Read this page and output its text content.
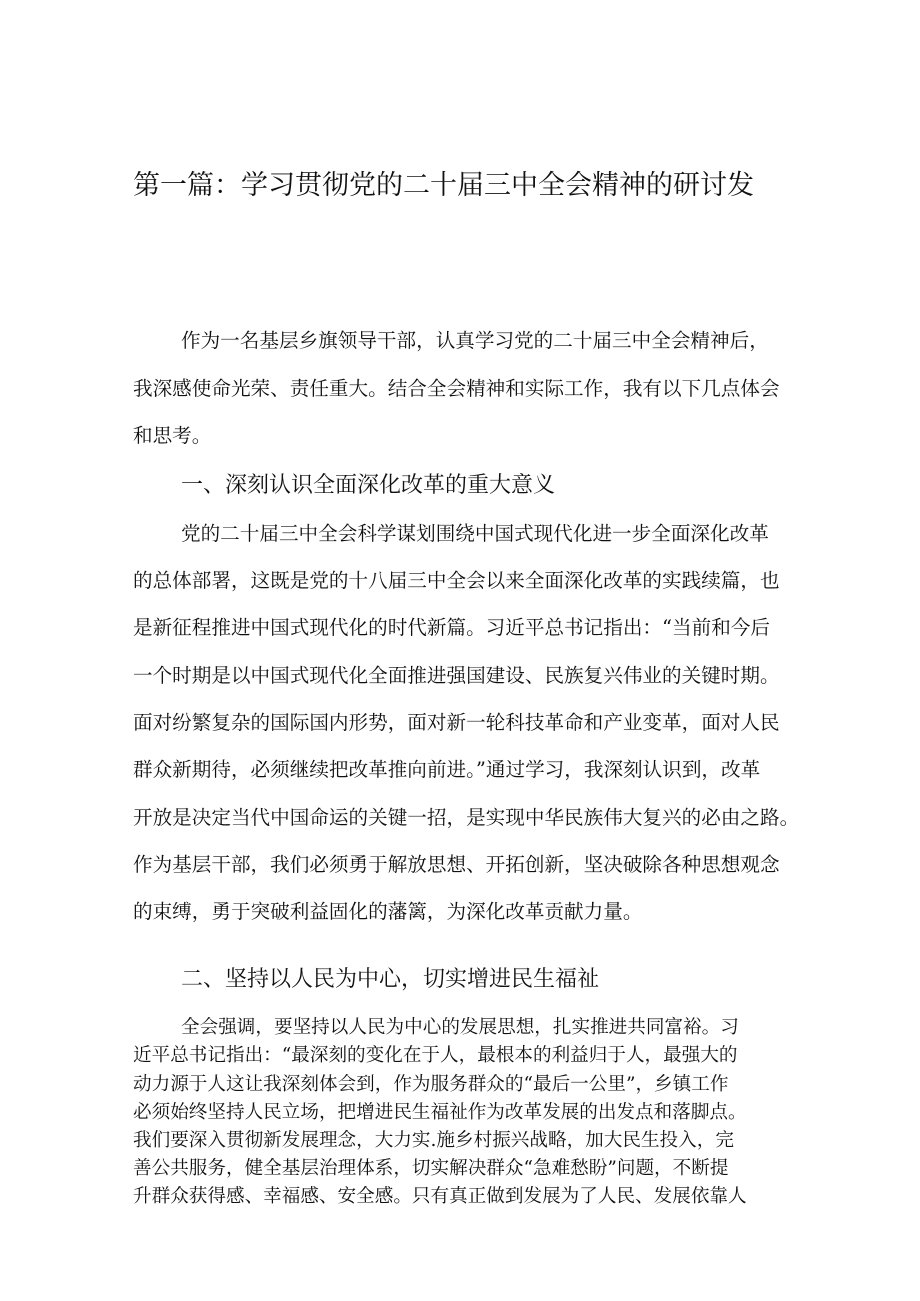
第一篇：学习贯彻党的二十届三中全会精神的研讨发
作为一名基层乡旗领导干部，认真学习党的二十届三中全会精神后，
我深感使命光荣、责任重大。结合全会精神和实际工作，我有以下几点体会
和思考。
一、深刻认识全面深化改革的重大意义
党的二十届三中全会科学谋划围绕中国式现代化进一步全面深化改革
的总体部署，这既是党的十八届三中全会以来全面深化改革的实践续篇，也
是新征程推进中国式现代化的时代新篇。习近平总书记指出：“当前和今后
一个时期是以中国式现代化全面推进强国建设、民族复兴伟业的关键时期。
面对纷繁复杂的国际国内形势，面对新一轮科技革命和产业变革，面对人民
群众新期待，必须继续把改革推向前进。”通过学习，我深刻认识到，改革
开放是决定当代中国命运的关键一招，是实现中华民族伟大复兴的必由之路。
作为基层干部，我们必须勇于解放思想、开拓创新，坚决破除各种思想观念
的束缚，勇于突破利益固化的藩篱，为深化改革贡献力量。
二、坚持以人民为中心，切实增进民生福祉
全会强调，要坚持以人民为中心的发展思想，扎实推进共同富裕。习
近平总书记指出：“最深刻的变化在于人，最根本的利益归于人，最强大的
动力源于人这让我深刻体会到，作为服务群众的“最后一公里”，乡镇工作
必须始终坚持人民立场，把增进民生福祉作为改革发展的出发点和落脚点。
我们要深入贯彻新发展理念，大力实.施乡村振兴战略，加大民生投入，完
善公共服务，健全基层治理体系，切实解决群众“急难愁盼”问题，不断提
升群众获得感、幸福感、安全感。只有真正做到发展为了人民、发展依靠人
